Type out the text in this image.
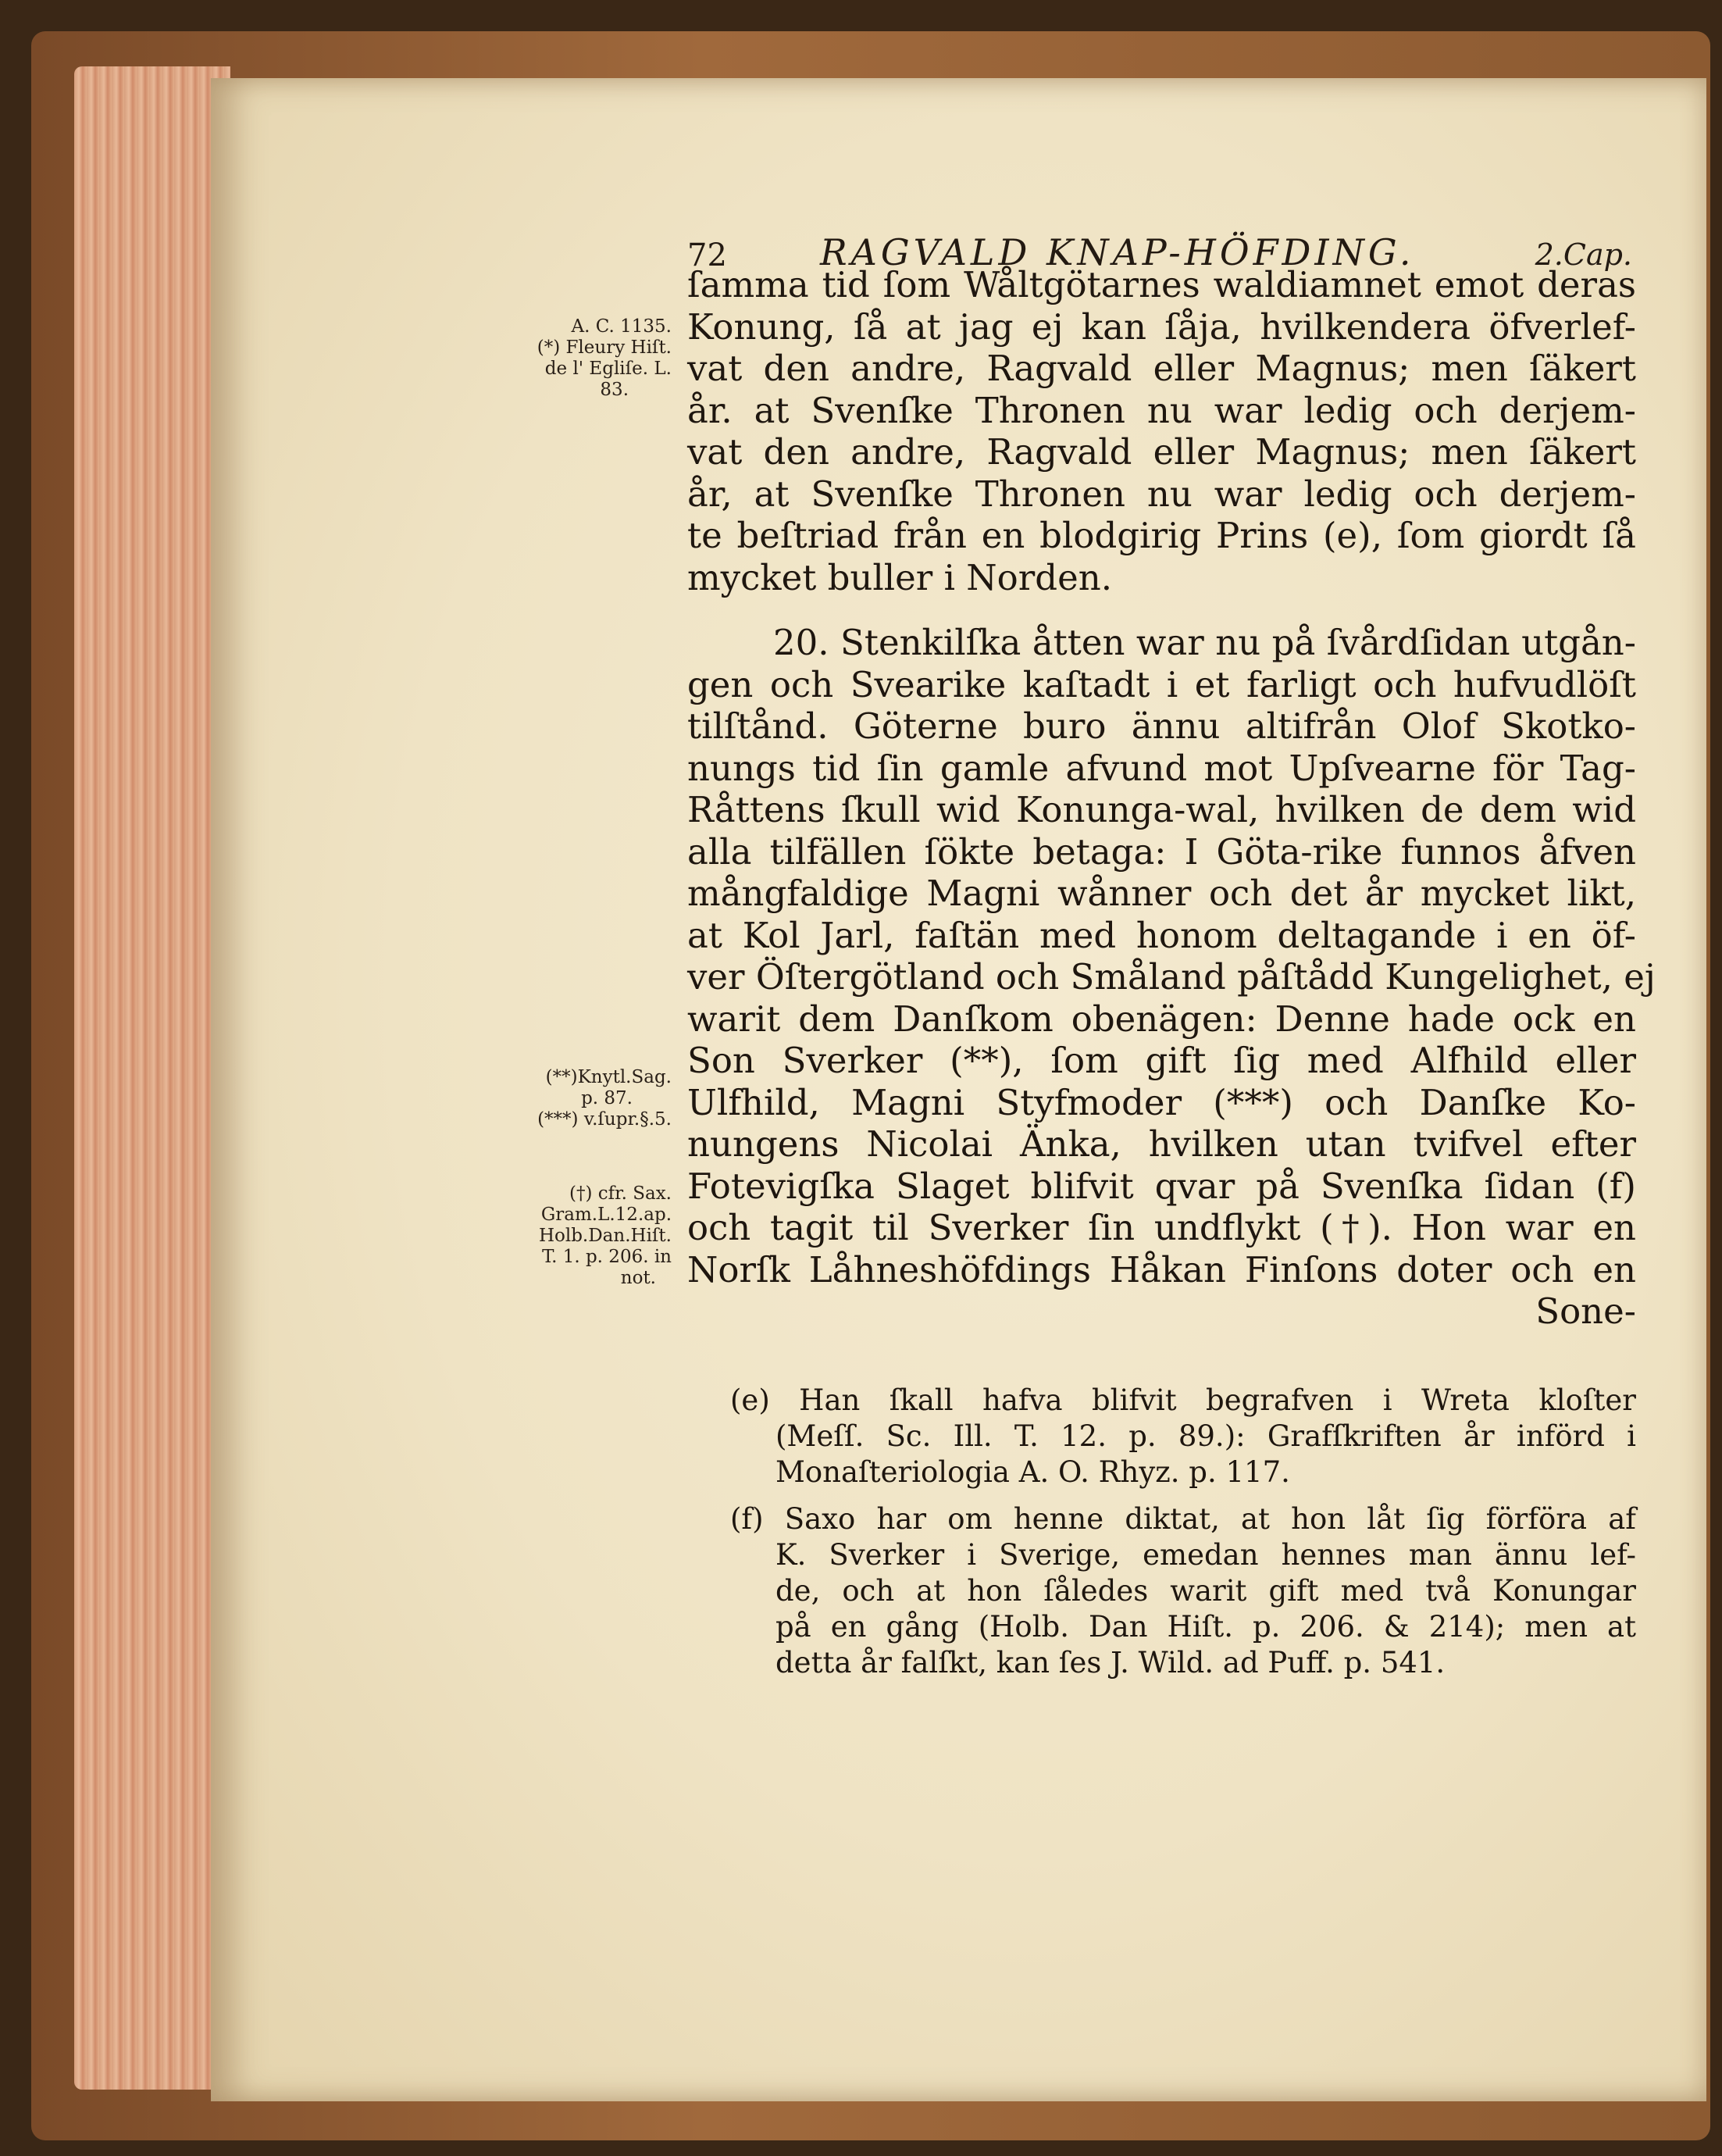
72	RAGVALD KNAP-HÖFDING.	2.Cap.
ſamma tid ſom Wåltgötarnes waldiamnet emot deras
Konung, ſå at jag ej kan ſåja, hvilkendera öfverlef-
vat den andre, Ragvald eller Magnus; men ſäkert
år. at Svenſke Thronen nu war ledig och derjem-
vat den andre, Ragvald eller Magnus; men ſäkert
år, at Svenſke Thronen nu war ledig och derjem-
te beſtriad från en blodgirig Prins (e), ſom giordt ſå
mycket buller i Norden.
20. Stenkilſka åtten war nu på ſvårdſidan utgån-
gen och Svearike kaſtadt i et farligt och hufvudlöſt
tilſtånd. Göterne buro ännu altifrån Olof Skotko-
nungs tid ſin gamle afvund mot Upſvearne för Tag-
Råttens ſkull wid Konunga-wal, hvilken de dem wid
alla tilfällen ſökte betaga: I Göta-rike funnos åfven
mångfaldige Magni wånner och det år mycket likt,
at Kol Jarl, faſtän med honom deltagande i en öf-
ver Öſtergötland och Småland påſtådd Kungelighet, ej
warit dem Danſkom obenägen: Denne hade ock en
Son Sverker (**), ſom gift ſig med Alfhild eller
Ulfhild, Magni Styfmoder (***) och Danſke Ko-
nungens Nicolai Änka, hvilken utan tvifvel efter
Fotevigſka Slaget blifvit qvar på Svenſka ſidan (f)
och tagit til Sverker ſin undflykt (†). Hon war en
Norſk Låhneshöfdings Håkan Finſons doter och en
Sone-
A. C. 1135.
(*) Fleury Hiſt.
de l' Egliſe. L.
83.
(**)Knytl.Sag.
p. 87.
(***) v.ſupr.§.5.
(†) cfr. Sax.
Gram.L.12.ap.
Holb.Dan.Hiſt.
T. 1. p. 206. in
not.
(e) Han ſkall hafva blifvit begrafven i Wreta kloſter
(Meſſ. Sc. Ill. T. 12. p. 89.): Grafſkriften år införd i
Monaſteriologia A. O. Rhyz. p. 117.
(f) Saxo har om henne diktat, at hon låt ſig förföra af
K. Sverker i Sverige, emedan hennes man ännu lef-
de, och at hon ſåledes warit gift med två Konungar
på en gång (Holb. Dan Hiſt. p. 206. & 214); men at
detta år falſkt, kan ſes J. Wild. ad Puff. p. 541.
